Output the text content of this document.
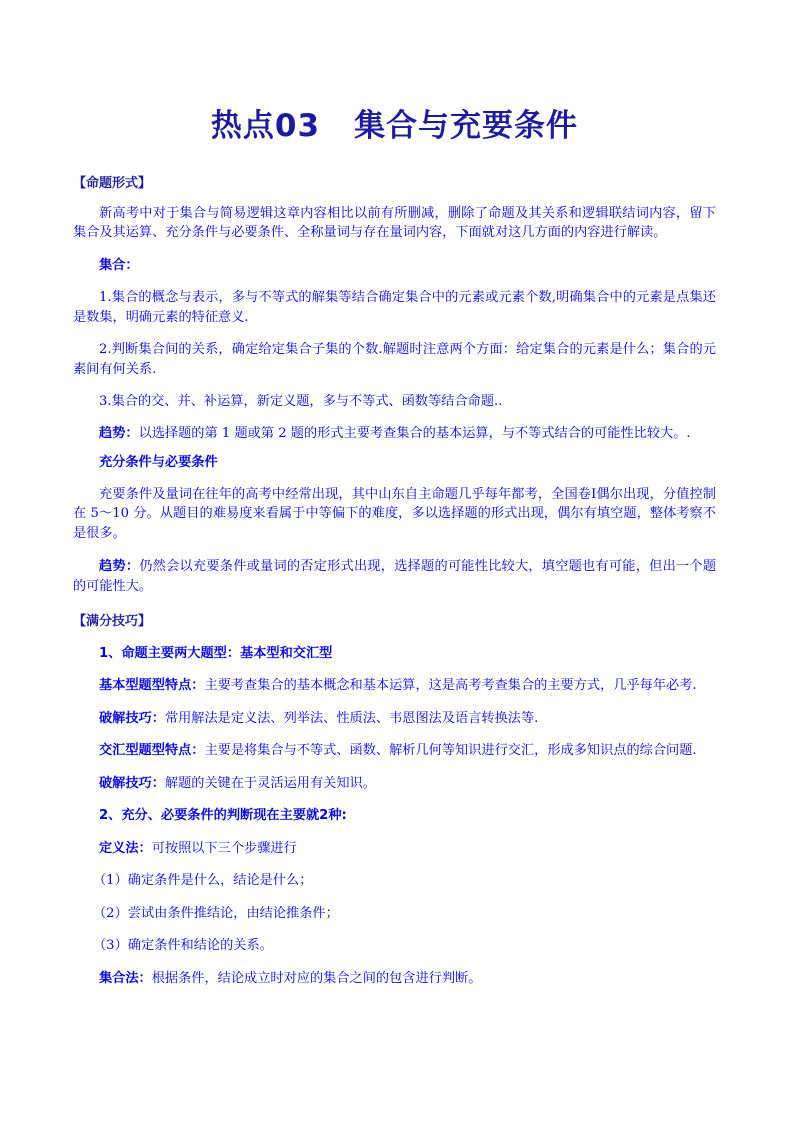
热点03 集合与充要条件

【命题形式】

新高考中对于集合与简易逻辑这章内容相比以前有所删减，删除了命题及其关系和逻辑联结词内容，留下集合及其运算、充分条件与必要条件、全称量词与存在量词内容，下面就对这几方面的内容进行解读。

集合：

1.集合的概念与表示，多与不等式的解集等结合确定集合中的元素或元素个数,明确集合中的元素是点集还是数集，明确元素的特征意义.

2.判断集合间的关系，确定给定集合子集的个数.解题时注意两个方面：给定集合的元素是什么；集合的元素间有何关系.

3.集合的交、并、补运算，新定义题，多与不等式、函数等结合命题..

趋势：以选择题的第 1 题或第 2 题的形式主要考查集合的基本运算，与不等式结合的可能性比较大。.

充分条件与必要条件

充要条件及量词在往年的高考中经常出现，其中山东自主命题几乎每年都考，全国卷Ⅰ偶尔出现，分值控制在 5～10 分。从题目的难易度来看属于中等偏下的难度，多以选择题的形式出现，偶尔有填空题，整体考察不是很多。

趋势：仍然会以充要条件或量词的否定形式出现，选择题的可能性比较大，填空题也有可能，但出一个题的可能性大。

【满分技巧】

1、命题主要两大题型：基本型和交汇型

基本型题型特点：主要考查集合的基本概念和基本运算，这是高考考查集合的主要方式，几乎每年必考.

破解技巧：常用解法是定义法、列举法、性质法、韦恩图法及语言转换法等.

交汇型题型特点：主要是将集合与不等式、函数、解析几何等知识进行交汇，形成多知识点的综合问题.

破解技巧：解题的关键在于灵活运用有关知识。

2、充分、必要条件的判断现在主要就2种:

定义法：可按照以下三个步骤进行

（1）确定条件是什么，结论是什么；

（2）尝试由条件推结论，由结论推条件；

（3）确定条件和结论的关系。

集合法：根据条件，结论成立时对应的集合之间的包含进行判断。
